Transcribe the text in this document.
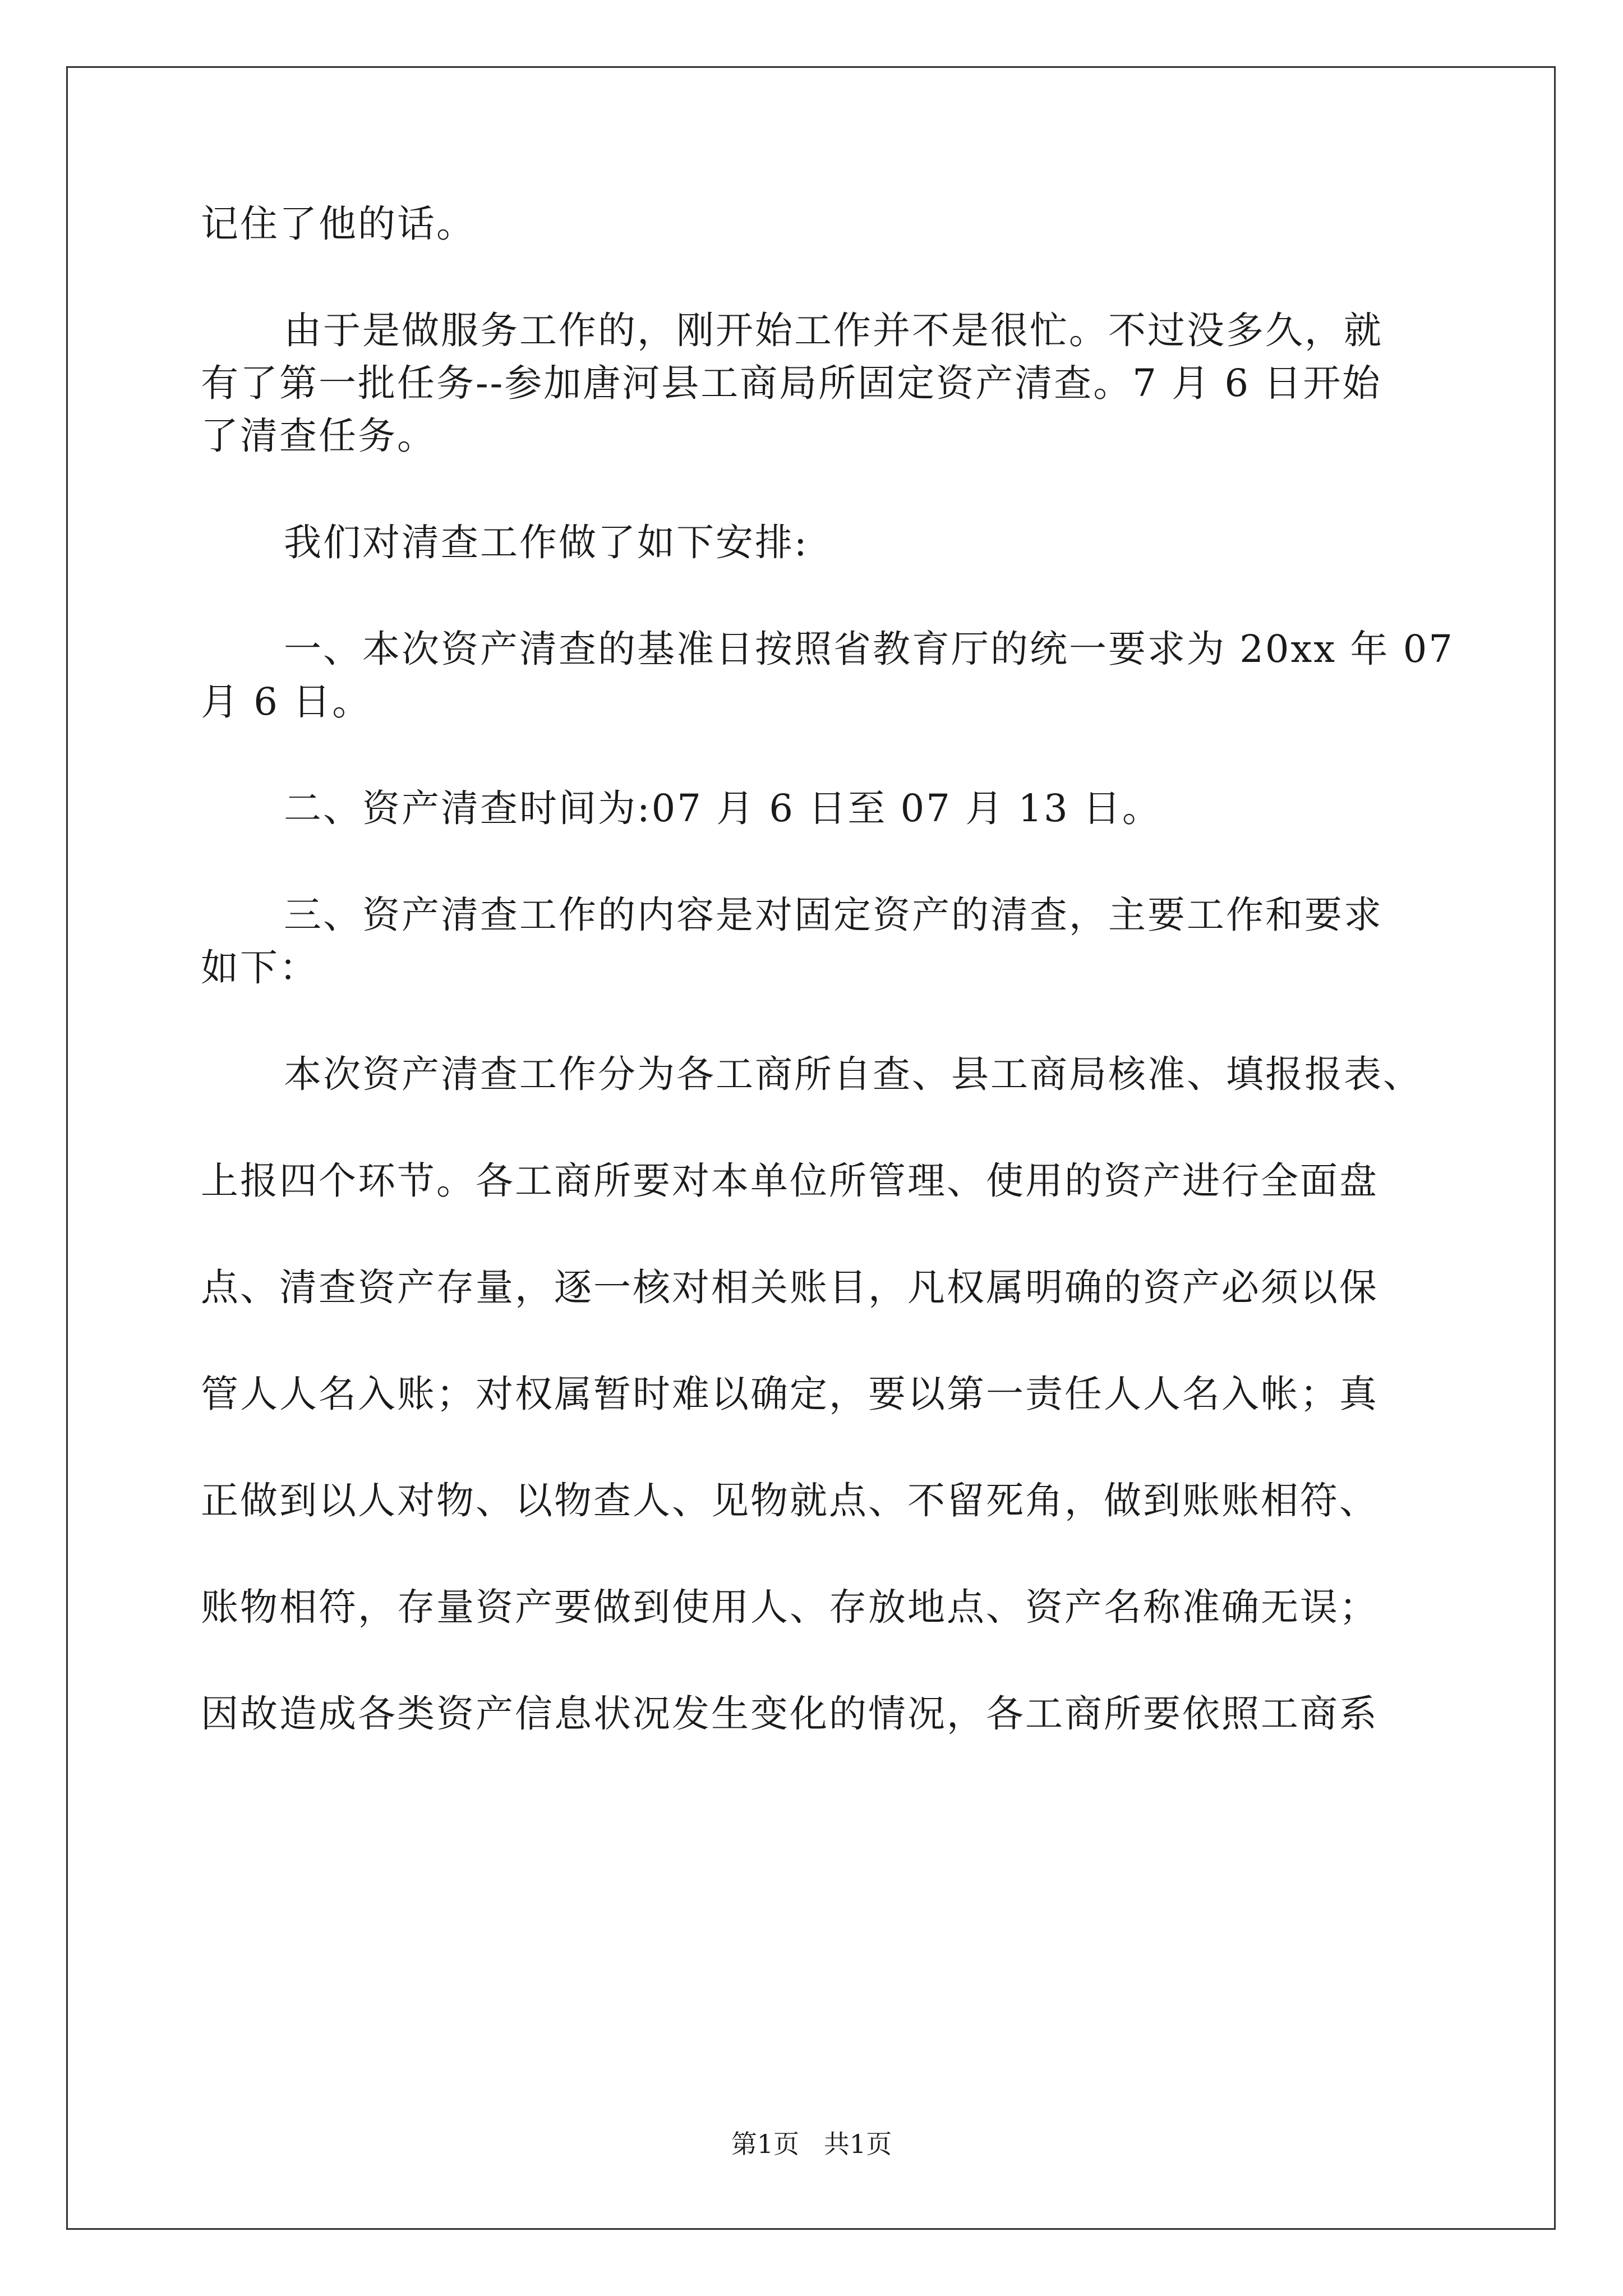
记住了他的话。

由于是做服务工作的，刚开始工作并不是很忙。不过没多久，就

有了第一批任务--参加唐河县工商局所固定资产清查。7 月 6 日开始

了清查任务。

我们对清查工作做了如下安排:

一、本次资产清查的基准日按照省教育厅的统一要求为 20xx 年 07

月 6 日。

二、资产清查时间为:07 月 6 日至 07 月 13 日。

三、资产清查工作的内容是对固定资产的清查，主要工作和要求

如下：

本次资产清查工作分为各工商所自查、县工商局核准、填报报表、

上报四个环节。各工商所要对本单位所管理、使用的资产进行全面盘

点、清查资产存量，逐一核对相关账目，凡权属明确的资产必须以保

管人人名入账；对权属暂时难以确定，要以第一责任人人名入帐；真

正做到以人对物、以物查人、见物就点、不留死角，做到账账相符、

账物相符，存量资产要做到使用人、存放地点、资产名称准确无误；

因故造成各类资产信息状况发生变化的情况，各工商所要依照工商系

第1页   共1页
